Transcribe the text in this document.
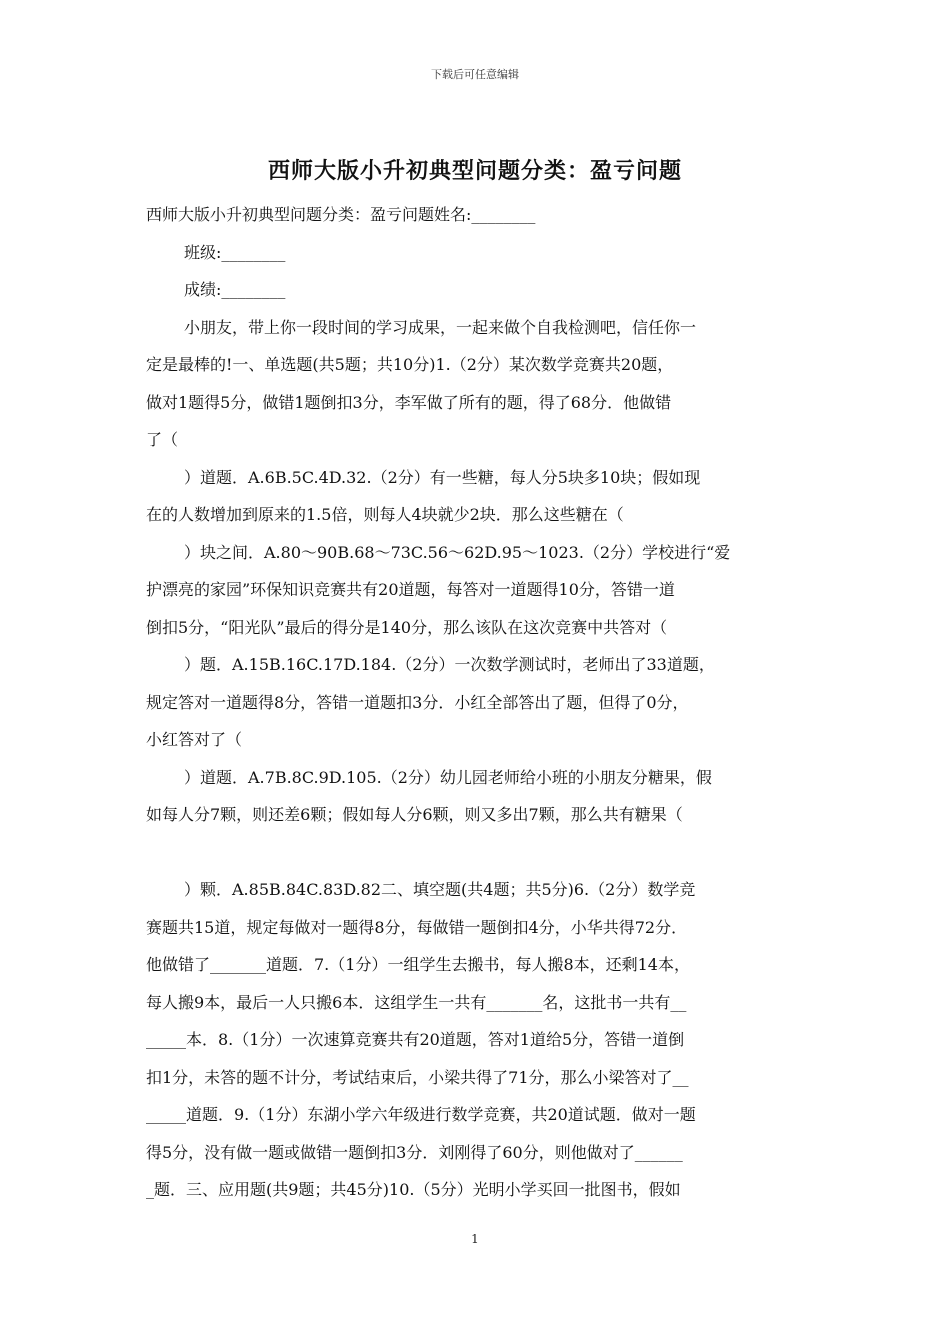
下载后可任意编辑
西师大版小升初典型问题分类：盈亏问题
西师大版小升初典型问题分类：盈亏问题姓名:________
班级:________
成绩:________
小朋友，带上你一段时间的学习成果，一起来做个自我检测吧，信任你一
定是最棒的!一、单选题(共5题；共10分)1.（2分）某次数学竞赛共20题，
做对1题得5分，做错1题倒扣3分，李军做了所有的题，得了68分．他做错
了（
）道题．A.6B.5C.4D.32.（2分）有一些糖，每人分5块多10块；假如现
在的人数增加到原来的1.5倍，则每人4块就少2块．那么这些糖在（
）块之间．A.80～90B.68～73C.56～62D.95～1023.（2分）学校进行“爱
护漂亮的家园”环保知识竞赛共有20道题，每答对一道题得10分，答错一道
倒扣5分，“阳光队”最后的得分是140分，那么该队在这次竞赛中共答对（
）题．A.15B.16C.17D.184.（2分）一次数学测试时，老师出了33道题，
规定答对一道题得8分，答错一道题扣3分．小红全部答出了题，但得了0分，
小红答对了（
）道题．A.7B.8C.9D.105.（2分）幼儿园老师给小班的小朋友分糖果，假
如每人分7颗，则还差6颗；假如每人分6颗，则又多出7颗，那么共有糖果（
）颗．A.85B.84C.83D.82二、填空题(共4题；共5分)6.（2分）数学竞
赛题共15道，规定每做对一题得8分，每做错一题倒扣4分，小华共得72分．
他做错了_______道题．7.（1分）一组学生去搬书，每人搬8本，还剩14本，
每人搬9本，最后一人只搬6本．这组学生一共有_______名，这批书一共有__
_____本．8.（1分）一次速算竞赛共有20道题，答对1道给5分，答错一道倒
扣1分，未答的题不计分，考试结束后，小梁共得了71分，那么小梁答对了__
_____道题．9.（1分）东湖小学六年级进行数学竞赛，共20道试题．做对一题
得5分，没有做一题或做错一题倒扣3分．刘刚得了60分，则他做对了______
_题．三、应用题(共9题；共45分)10.（5分）光明小学买回一批图书，假如
1
